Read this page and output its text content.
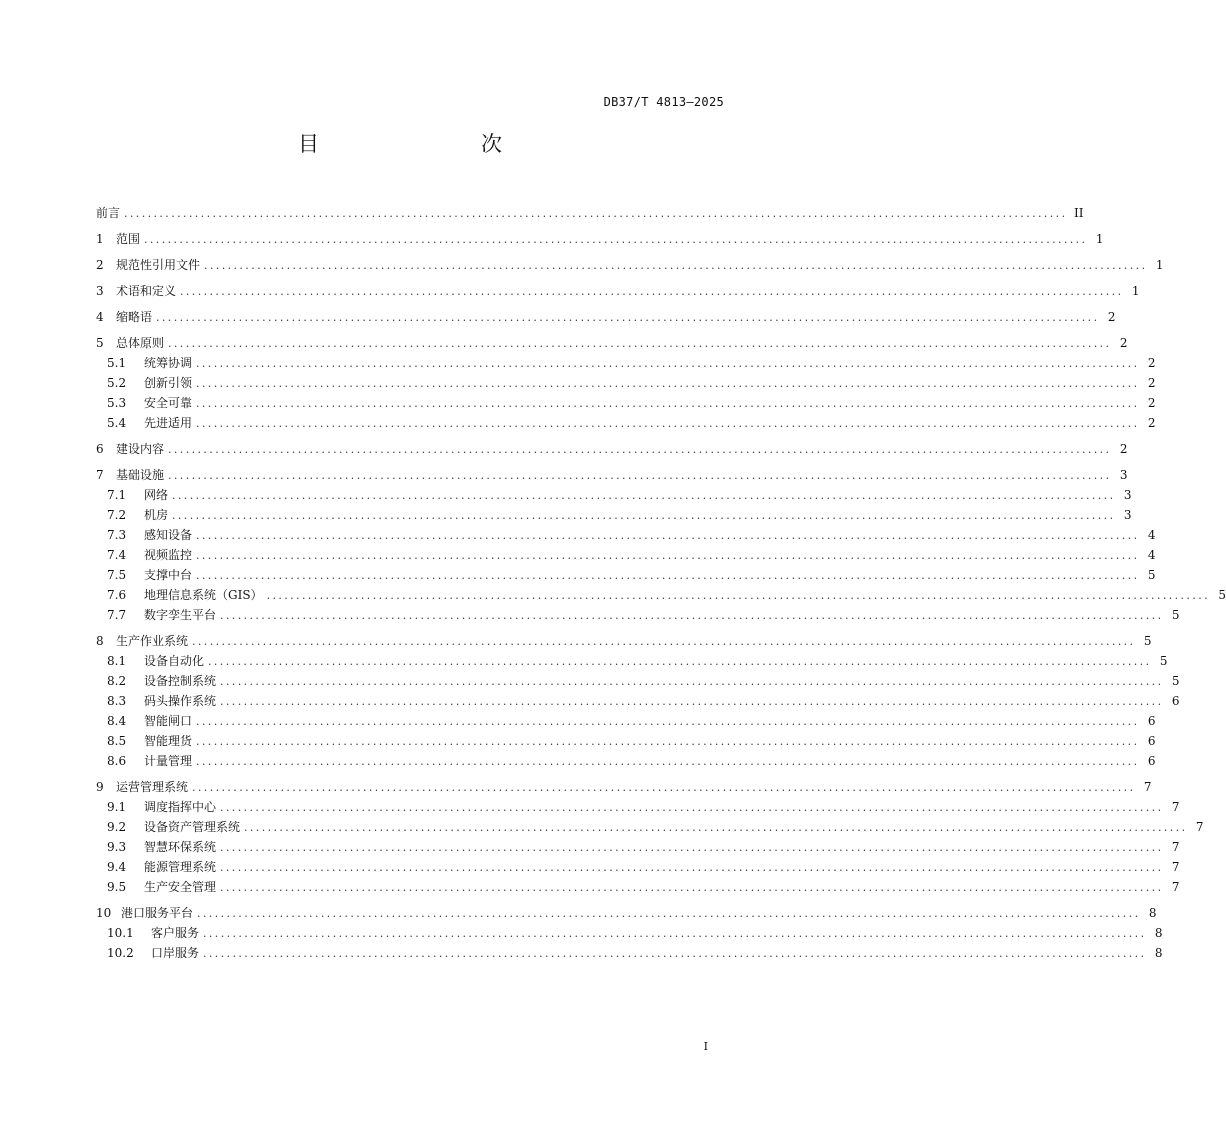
DB37/T 4813—2025
目　　次
前言 ................................................................................................................................................................ II
1	范围 ................................................................................................................................................................ 1
2	规范性引用文件 ................................................................................................................................................................ 1
3	术语和定义 ................................................................................................................................................................ 1
4	缩略语 ................................................................................................................................................................ 2
5	总体原则 ................................................................................................................................................................ 2
5.1	统筹协调 ................................................................................................................................................................ 2
5.2	创新引领 ................................................................................................................................................................ 2
5.3	安全可靠 ................................................................................................................................................................ 2
5.4	先进适用 ................................................................................................................................................................ 2
6	建设内容 ................................................................................................................................................................ 2
7	基础设施 ................................................................................................................................................................ 3
7.1	网络 ................................................................................................................................................................ 3
7.2	机房 ................................................................................................................................................................ 3
7.3	感知设备 ................................................................................................................................................................ 4
7.4	视频监控 ................................................................................................................................................................ 4
7.5	支撑中台 ................................................................................................................................................................ 5
7.6	地理信息系统（GIS） ................................................................................................................................................................ 5
7.7	数字孪生平台 ................................................................................................................................................................ 5
8	生产作业系统 ................................................................................................................................................................ 5
8.1	设备自动化 ................................................................................................................................................................ 5
8.2	设备控制系统 ................................................................................................................................................................ 5
8.3	码头操作系统 ................................................................................................................................................................ 6
8.4	智能闸口 ................................................................................................................................................................ 6
8.5	智能理货 ................................................................................................................................................................ 6
8.6	计量管理 ................................................................................................................................................................ 6
9	运营管理系统 ................................................................................................................................................................ 7
9.1	调度指挥中心 ................................................................................................................................................................ 7
9.2	设备资产管理系统 ................................................................................................................................................................ 7
9.3	智慧环保系统 ................................................................................................................................................................ 7
9.4	能源管理系统 ................................................................................................................................................................ 7
9.5	生产安全管理 ................................................................................................................................................................ 7
10 港口服务平台 ................................................................................................................................................................ 8
10.1	客户服务 ................................................................................................................................................................ 8
10.2	口岸服务 ................................................................................................................................................................ 8
I
